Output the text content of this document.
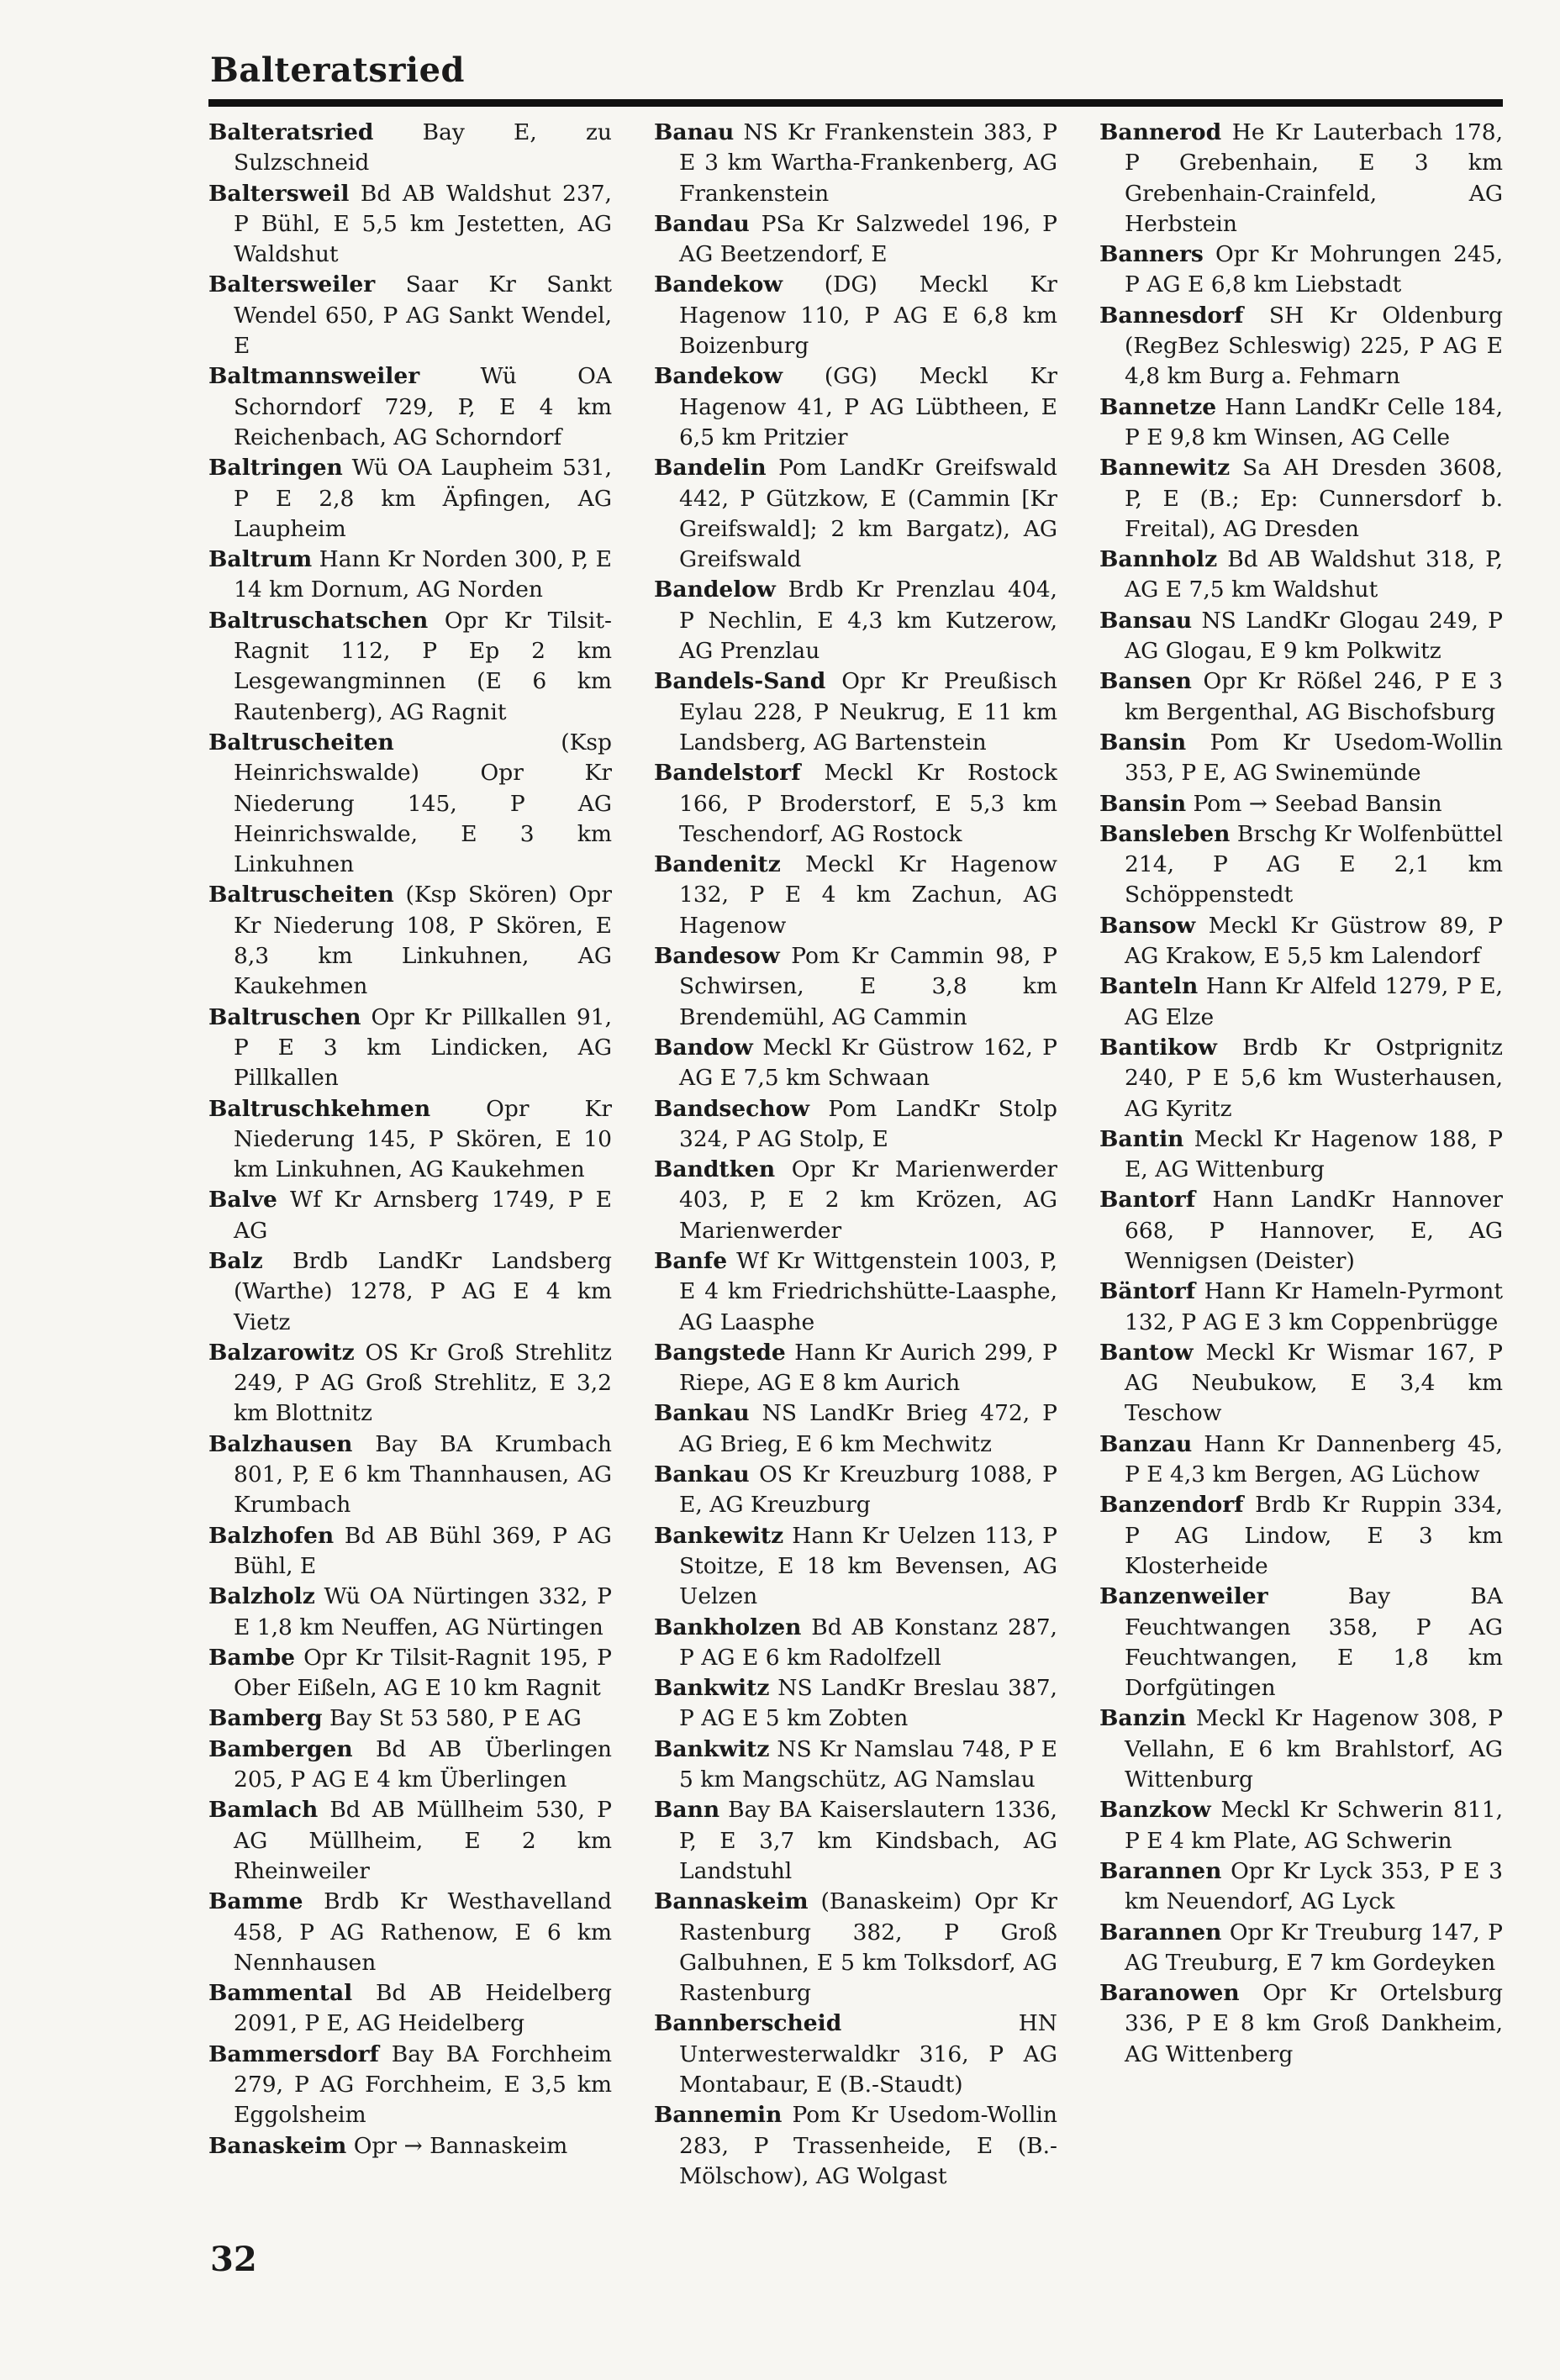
Balteratsried

Balteratsried Bay E, zu Sulzschneid

Balterswеil Bd AB Waldshut 237, P Bühl, E 5,5 km Jestetten, AG Waldshut

Baltersweiler Saar Kr Sankt Wendel 650, P AG Sankt Wendel, E

Baltmannsweiler	Wü OA Schorndorf 729, P, E 4 km Reichenbach, AG Schorndorf

Baltringen Wü OA Laupheim 531, P E 2,8 km Äpfingen, AG Laupheim

Baltrum Hann Kr Norden 300, P, E 14 km Dornum, AG Norden

Baltruschatschen Opr Kr Tilsit-Ragnit 112, P Ep 2 km Lesgewangminnen (E 6 km Rautenberg), AG Ragnit

Baltruscheiten	(Ksp Heinrichswalde) Opr Kr Niederung 145, P AG Heinrichswalde, E 3 km Linkuhnen

Baltruscheiten (Ksp Skören) Opr Kr Niederung 108, P Skören, E 8,3 km Linkuhnen, AG Kaukehmen

Baltruschen Opr Kr Pillkallen 91, P E 3 km Lindicken, AG Pillkallen

Baltruschkehmen Opr Kr Niederung 145, P Skören, E 10 km Linkuhnen, AG Kaukehmen

Balve Wf Kr Arnsberg 1749, P E AG

Balz Brdb LandKr Landsberg (Warthe) 1278, P AG E 4 km Vietz

Balzarowitz OS Kr Groß Strehlitz 249, P AG Groß Strehlitz, E 3,2 km Blottnitz

Balzhausen Bay BA Krumbach 801, P, E 6 km Thannhausen, AG Krumbach

Balzhofen Bd AB Bühl 369, P AG Bühl, E

Balzholz Wü OA Nürtingen 332, P E 1,8 km Neuffen, AG Nürtingen

Bambe Opr Kr Tilsit-Ragnit 195, P Ober Eißeln, AG E 10 km Ragnit

Bamberg Bay St 53 580, P E AG

Bambergen Bd AB Überlingen 205, P AG E 4 km Überlingen

Bamlach Bd AB Müllheim 530, P AG Müllheim, E 2 km Rheinweiler

Bamme Brdb Kr Westhavelland 458, P AG Rathenow, E 6 km Nennhausen

Bammental Bd AB Heidelberg 2091, P E, AG Heidelberg

Bammersdorf Bay BA Forchheim 279, P AG Forchheim, E 3,5 km Eggolsheim

Banaskeim Opr → Bannaskeim

Banau NS Kr Frankenstein 383, P E 3 km Wartha-Frankenberg, AG Frankenstein

Bandau PSa Kr Salzwedel 196, P AG Beetzendorf, E

Bandekow (DG) Meckl Kr Hagenow 110, P AG E 6,8 km Boizenburg

Bandekow (GG) Meckl Kr Hagenow 41, P AG Lübtheen, E 6,5 km Pritzier

Bandelin Pom LandKr Greifswald 442, P Gützkow, E (Cammin [Kr Greifswald]; 2 km Bargatz), AG Greifswald

Bandelow Brdb Kr Prenzlau 404, P Nechlin, E 4,3 km Kutzerow, AG Prenzlau

Bandels-Sand Opr Kr Preußisch Eylau 228, P Neukrug, E 11 km Landsberg, AG Bartenstein

Bandelstorf Meckl Kr Rostock 166, P Broderstorf, E 5,3 km Teschendorf, AG Rostock

Bandenitz Meckl Kr Hagenow 132, P E 4 km Zachun, AG Hagenow

Bandesow Pom Kr Cammin 98, P Schwirsen, E 3,8 km Brendemühl, AG Cammin

Bandow Meckl Kr Güstrow 162, P AG E 7,5 km Schwaan

Bandsechow Pom LandKr Stolp 324, P AG Stolp, E

Bandtken Opr Kr Marienwerder 403, P, E 2 km Krözen, AG Marienwerder

Banfe Wf Kr Wittgenstein 1003, P, E 4 km Friedrichshütte-Laasphe, AG Laasphe

Bangstede Hann Kr Aurich 299, P Riepe, AG E 8 km Aurich

Bankau NS LandKr Brieg 472, P AG Brieg, E 6 km Mechwitz

Bankau OS Kr Kreuzburg 1088, P E, AG Kreuzburg

Bankewitz Hann Kr Uelzen 113, P Stoitze, E 18 km Bevensen, AG Uelzen

Bankholzen Bd AB Konstanz 287, P AG E 6 km Radolfzell

Bankwitz NS LandKr Breslau 387, P AG E 5 km Zobten

Bankwitz NS Kr Namslau 748, P E 5 km Mangschütz, AG Namslau

Bann Bay BA Kaiserslautern 1336, P, E 3,7 km Kindsbach, AG Landstuhl

Bannaskeim (Banaskeim) Opr Kr Rastenburg 382, P Groß Galbuhnen, E 5 km Tolksdorf, AG Rastenburg

Bannberscheid	HN Unterwesterwaldkr 316, P AG Montabaur, E (B.-Staudt)

Bannemin Pom Kr Usedom-Wollin 283, P Trassenheide, E (B.-Mölschow), AG Wolgast

Bannerod He Kr Lauterbach 178, P Grebenhain, E 3 km Grebenhain-Crainfeld, AG Herbstein

Banners Opr Kr Mohrungen 245, P AG E 6,8 km Liebstadt

Bannesdorf SH Kr Oldenburg (RegBez Schleswig) 225, P AG E 4,8 km Burg a. Fehmarn

Bannetze Hann LandKr Celle 184, P E 9,8 km Winsen, AG Celle

Bannewitz Sa AH Dresden 3608, P, E (B.; Ep: Cunnersdorf b. Freital), AG Dresden

Bannholz Bd AB Waldshut 318, P, AG E 7,5 km Waldshut

Bansau NS LandKr Glogau 249, P AG Glogau, E 9 km Polkwitz

Bansen Opr Kr Rößel 246, P E 3 km Bergenthal, AG Bischofsburg

Bansin Pom Kr Usedom-Wollin 353, P E, AG Swinemünde

Bansin Pom → Seebad Bansin

Bansleben Brschg Kr Wolfenbüttel 214, P AG E 2,1 km Schöppenstedt

Bansow Meckl Kr Güstrow 89, P AG Krakow, E 5,5 km Lalendorf

Banteln Hann Kr Alfeld 1279, P E, AG Elze

Bantikow Brdb Kr Ostprignitz 240, P E 5,6 km Wusterhausen, AG Kyritz

Bantin Meckl Kr Hagenow 188, P E, AG Wittenburg

Bantorf Hann LandKr Hannover 668, P Hannover, E, AG Wennigsen (Deister)

Bäntorf Hann Kr Hameln-Pyrmont 132, P AG E 3 km Coppenbrügge

Bantow Meckl Kr Wismar 167, P AG Neubukow, E 3,4 km Teschow

Banzau Hann Kr Dannenberg 45, P E 4,3 km Bergen, AG Lüchow

Banzendorf Brdb Kr Ruppin 334, P AG Lindow, E 3 km Klosterheide

Banzenweiler	Bay BA Feuchtwangen 358, P AG Feuchtwangen, E 1,8 km Dorfgütingen

Banzin Meckl Kr Hagenow 308, P Vellahn, E 6 km Brahlstorf, AG Wittenburg

Banzkow Meckl Kr Schwerin 811, P E 4 km Plate, AG Schwerin

Barannen Opr Kr Lyck 353, P E 3 km Neuendorf, AG Lyck

Barannen Opr Kr Treuburg 147, P AG Treuburg, E 7 km Gordeyken

Baranowen Opr Kr Ortelsburg 336, P E 8 km Groß Dankheim, AG Wittenberg

32
